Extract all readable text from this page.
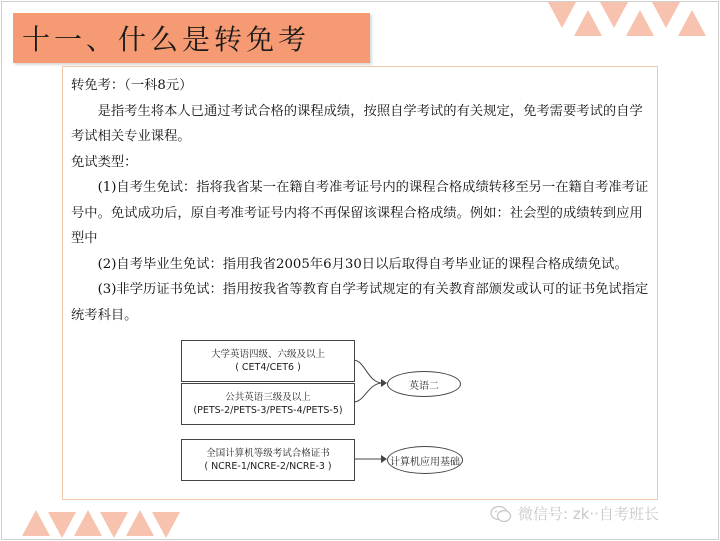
十一、什么是转免考

转免考：（一科8元）

是指考生将本人已通过考试合格的课程成绩，按照自学考试的有关规定，免考需要考试的自学考试相关专业课程。

免试类型：

(1)自考生免试：指将我省某一在籍自考准考证号内的课程合格成绩转移至另一在籍自考准考证号中。免试成功后，原自考准考证号内将不再保留该课程合格成绩。例如：社会型的成绩转到应用型中

(2)自考毕业生免试：指用我省2005年6月30日以后取得自考毕业证的课程合格成绩免试。

(3)非学历证书免试：指用按我省等教育自学考试规定的有关教育部颁发或认可的证书免试指定统考科目。

大学英语四级、六级及以上
( CET4/CET6 )
公共英语三级及以上
(PETS-2/PETS-3/PETS-4/PETS-5)
全国计算机等级考试合格证书
( NCRE-1/NCRE-2/NCRE-3 )
英语二
计算机应用基础
微信号: zk··自考班长
